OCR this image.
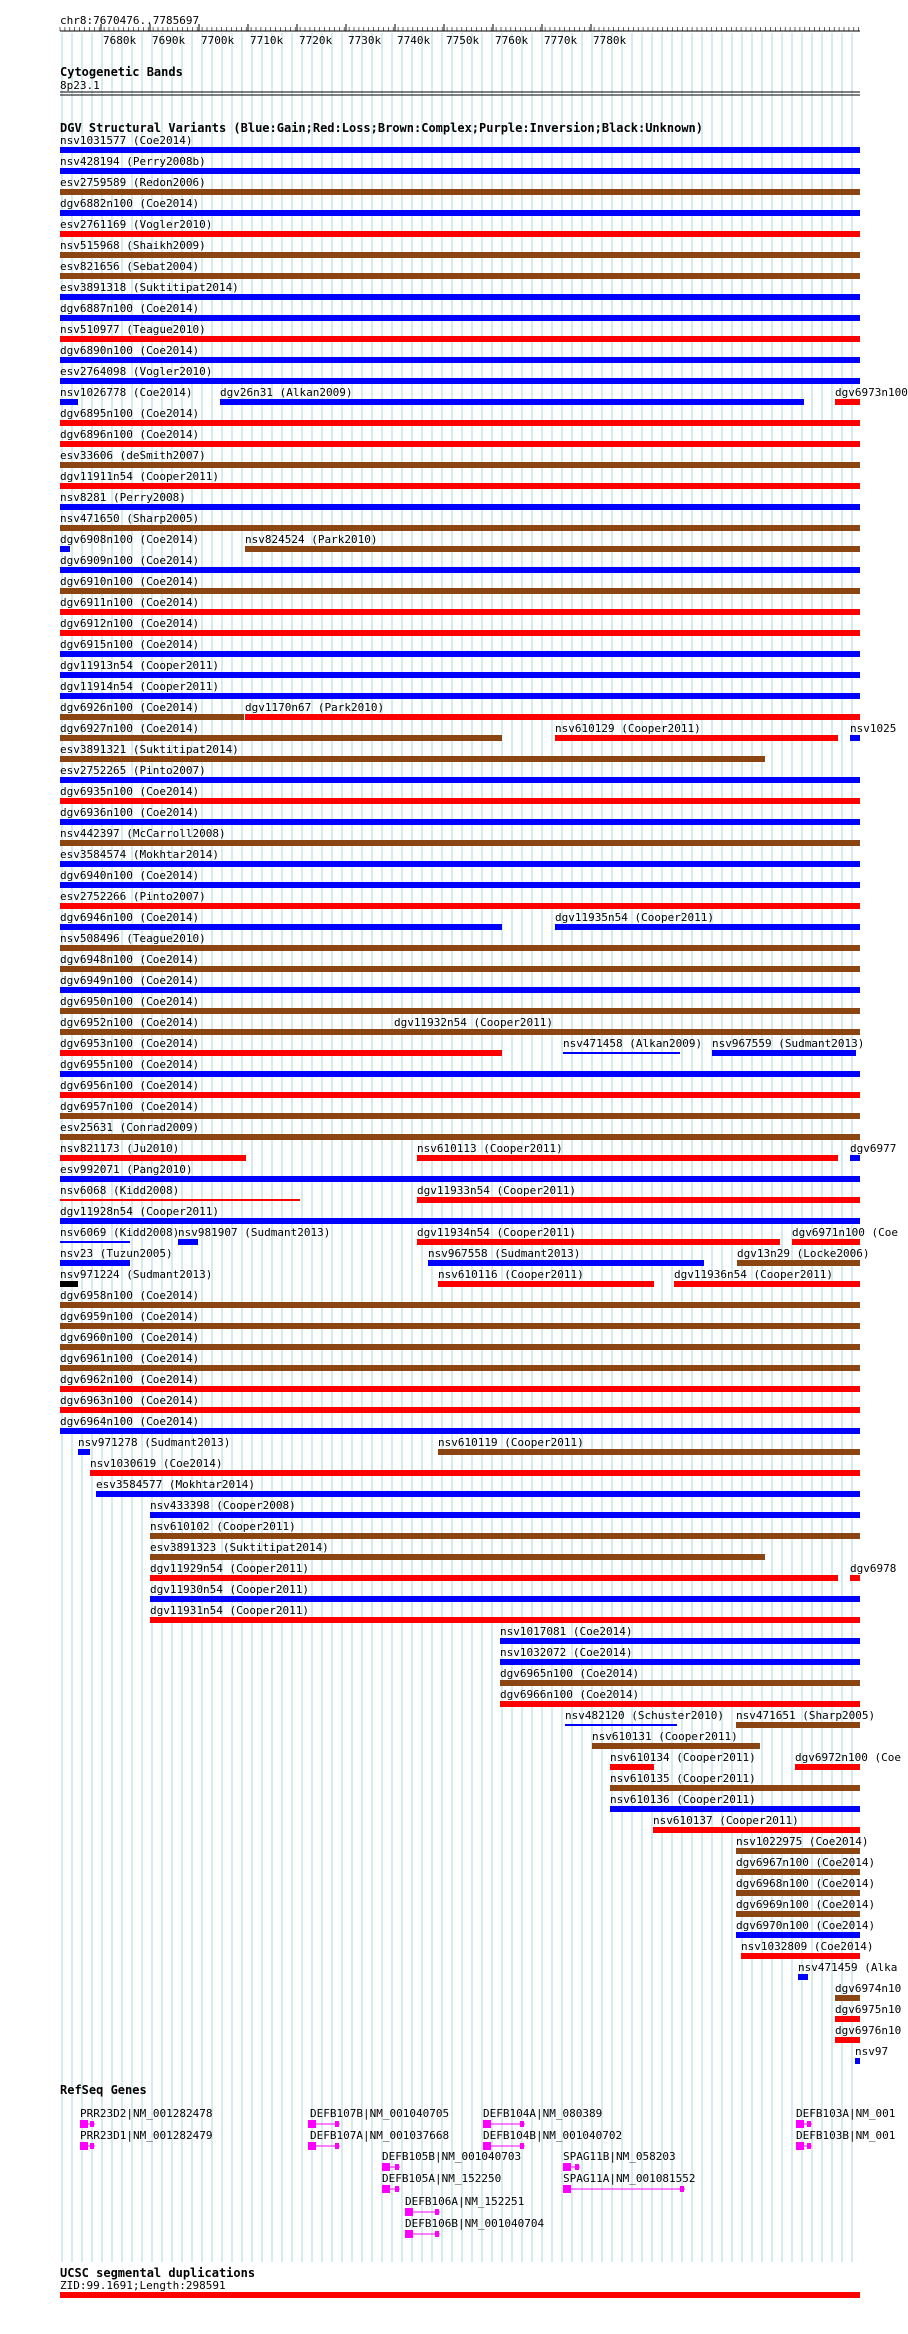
chr8:7670476..7785697
Cytogenetic Bands
8p23.1
DGV Structural Variants (Blue:Gain;Red:Loss;Brown:Complex;Purple:Inversion;Black:Unknown)
RefSeq Genes
UCSC segmental duplications
ZID:99.1691;Length:298591
7680k 7690k 7700k 7710k 7720k 7730k 7740k 7750k 7760k 7770k 7780k
nsv1031577 (Coe2014)
nsv428194 (Perry2008b)
esv2759589 (Redon2006)
dgv6882n100 (Coe2014)
esv2761169 (Vogler2010)
nsv515968 (Shaikh2009)
esv821656 (Sebat2004)
esv3891318 (Suktitipat2014)
dgv6887n100 (Coe2014)
nsv510977 (Teague2010)
dgv6890n100 (Coe2014)
esv2764098 (Vogler2010)
nsv1026778 (Coe2014)	dgv26n31 (Alkan2009)	dgv6973n100
dgv6895n100 (Coe2014)
dgv6896n100 (Coe2014)
esv33606 (deSmith2007)
dgv11911n54 (Cooper2011)
nsv8281 (Perry2008)
nsv471650 (Sharp2005)
dgv6908n100 (Coe2014)	nsv824524 (Park2010)
dgv6909n100 (Coe2014)
dgv6910n100 (Coe2014)
dgv6911n100 (Coe2014)
dgv6912n100 (Coe2014)
dgv6915n100 (Coe2014)
dgv11913n54 (Cooper2011)
dgv11914n54 (Cooper2011)
dgv6926n100 (Coe2014)	dgv1170n67 (Park2010)
dgv6927n100 (Coe2014)	nsv610129 (Cooper2011)	nsv1025
esv3891321 (Suktitipat2014)
esv2752265 (Pinto2007)
dgv6935n100 (Coe2014)
dgv6936n100 (Coe2014)
nsv442397 (McCarroll2008)
esv3584574 (Mokhtar2014)
dgv6940n100 (Coe2014)
esv2752266 (Pinto2007)
dgv6946n100 (Coe2014)	dgv11935n54 (Cooper2011)
nsv508496 (Teague2010)
dgv6948n100 (Coe2014)
dgv6949n100 (Coe2014)
dgv6950n100 (Coe2014)
dgv6952n100 (Coe2014)	dgv11932n54 (Cooper2011)
dgv6953n100 (Coe2014)	nsv471458 (Alkan2009) nsv967559 (Sudmant2013)
dgv6955n100 (Coe2014)
dgv6956n100 (Coe2014)
dgv6957n100 (Coe2014)
esv25631 (Conrad2009)
nsv821173 (Ju2010)	nsv610113 (Cooper2011)	dgv6977
esv992071 (Pang2010)
nsv6068 (Kidd2008)	dgv11933n54 (Cooper2011)
dgv11928n54 (Cooper2011)
nsv6069 (Kidd2008)
nsv981907 (Sudmant2013)	dgv11934n54 (Cooper2011)	dgv6971n100 (Coe
nsv23 (Tuzun2005)	nsv967558 (Sudmant2013)	dgv13n29 (Locke2006)
nsv971224 (Sudmant2013)	nsv610116 (Cooper2011)	dgv11936n54 (Cooper2011)
dgv6958n100 (Coe2014)
dgv6959n100 (Coe2014)
dgv6960n100 (Coe2014)
dgv6961n100 (Coe2014)
dgv6962n100 (Coe2014)
dgv6963n100 (Coe2014)
dgv6964n100 (Coe2014)
nsv971278 (Sudmant2013)	nsv610119 (Cooper2011)
nsv1030619 (Coe2014)
esv3584577 (Mokhtar2014)
nsv433398 (Cooper2008)
nsv610102 (Cooper2011)
esv3891323 (Suktitipat2014)
dgv11929n54 (Cooper2011)	dgv6978
dgv11930n54 (Cooper2011)
dgv11931n54 (Cooper2011)
nsv1017081 (Coe2014)
nsv1032072 (Coe2014)
dgv6965n100 (Coe2014)
dgv6966n100 (Coe2014)
nsv482120 (Schuster2010) nsv471651 (Sharp2005)
nsv610131 (Cooper2011)
nsv610134 (Cooper2011)	dgv6972n100 (Coe
nsv610135 (Cooper2011)
nsv610136 (Cooper2011)
nsv610137 (Cooper2011)
nsv1022975 (Coe2014)
dgv6967n100 (Coe2014)
dgv6968n100 (Coe2014)
dgv6969n100 (Coe2014)
dgv6970n100 (Coe2014)
nsv1032809 (Coe2014)
nsv471459 (Alka
dgv6974n10
dgv6975n10
dgv6976n10
nsv97
PRR23D2|NM_001282478
PRR23D1|NM_001282479
DEFB107B|NM_001040705
DEFB107A|NM_001037668
DEFB104A|NM_080389
DEFB104B|NM_001040702
DEFB103A|NM_001
DEFB103B|NM_001
DEFB105B|NM_001040703
DEFB105A|NM_152250
SPAG11B|NM_058203
SPAG11A|NM_001081552
DEFB106A|NM_152251
DEFB106B|NM_001040704
